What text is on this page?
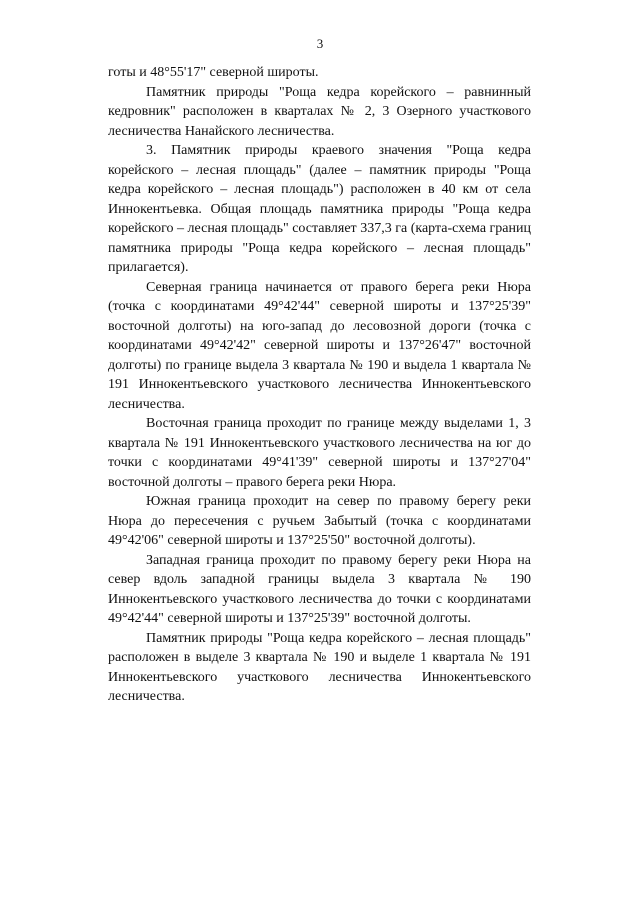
3

готы и 48°55'17" северной широты.

Памятник природы "Роща кедра корейского – равнинный кедровник" расположен в кварталах № 2, 3 Озерного участкового лесничества Нанайского лесничества.

3. Памятник природы краевого значения "Роща кедра корейского – лесная площадь" (далее – памятник природы "Роща кедра корейского – лесная площадь") расположен в 40 км от села Иннокентьевка. Общая площадь памятника природы "Роща кедра корейского – лесная площадь" составляет 337,3 га (карта-схема границ памятника природы "Роща кедра корейского – лесная площадь" прилагается).

Северная граница начинается от правого берега реки Нюра (точка с координатами 49°42'44" северной широты и 137°25'39" восточной долготы) на юго-запад до лесовозной дороги (точка с координатами 49°42'42" северной широты и 137°26'47" восточной долготы) по границе выдела 3 квартала № 190 и выдела 1 квартала № 191 Иннокентьевского участкового лесничества Иннокентьевского лесничества.

Восточная граница проходит по границе между выделами 1, 3 квартала № 191 Иннокентьевского участкового лесничества на юг до точки с координатами 49°41'39" северной широты и 137°27'04" восточной долготы – правого берега реки Нюра.

Южная граница проходит на север по правому берегу реки Нюра до пересечения с ручьем Забытый (точка с координатами 49°42'06" северной широты и 137°25'50" восточной долготы).

Западная граница проходит по правому берегу реки Нюра на север вдоль западной границы выдела 3 квартала № 190 Иннокентьевского участкового лесничества до точки с координатами 49°42'44" северной широты и 137°25'39" восточной долготы.

Памятник природы "Роща кедра корейского – лесная площадь" расположен в выделе 3 квартала № 190 и выделе 1 квартала № 191 Иннокентьевского участкового лесничества Иннокентьевского лесничества.
